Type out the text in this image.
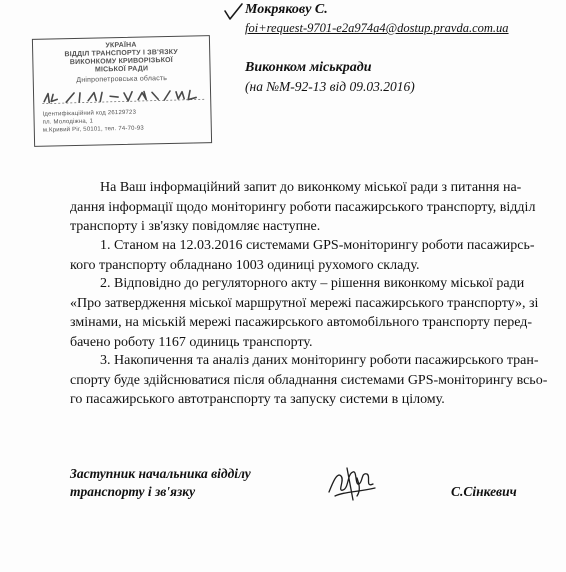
УКРАЇНА
ВІДДІЛ ТРАНСПОРТУ І ЗВ'ЯЗКУ
ВИКОНКОМУ КРИВОРІЗЬКОЇ
МІСЬКОЇ РАДИ
Дніпропетровська область
Ідентифікаційний код 26129723
пл. Молодіжна, 1
м.Кривий Ріг, 50101, тел. 74-70-93
Мокрякову С.
foi+request-9701-e2a974a4@dostup.pravda.com.ua
Виконком міськради
(на №М-92-13 від 09.03.2016)
На Ваш інформаційний запит до виконкому міської ради з питання на-
дання інформації щодо моніторингу роботи пасажирського транспорту, відділ
транспорту і зв'язку повідомляє наступне.
1. Станом на 12.03.2016 системами GPS-моніторингу роботи пасажирсь-
кого транспорту обладнано 1003 одиниці рухомого складу.
2. Відповідно до регуляторного акту – рішення виконкому міської ради
«Про затвердження міської маршрутної мережі пасажирського транспорту», зі
змінами, на міській мережі пасажирського автомобільного транспорту перед-
бачено роботу 1167 одиниць транспорту.
3. Накопичення та аналіз даних моніторингу роботи пасажирського тран-
спорту буде здійснюватися після обладнання системами GPS-моніторингу всьо-
го пасажирського автотранспорту та запуску системи в цілому.
Заступник начальника відділу
транспорту і зв'язку	С.Сінкевич
